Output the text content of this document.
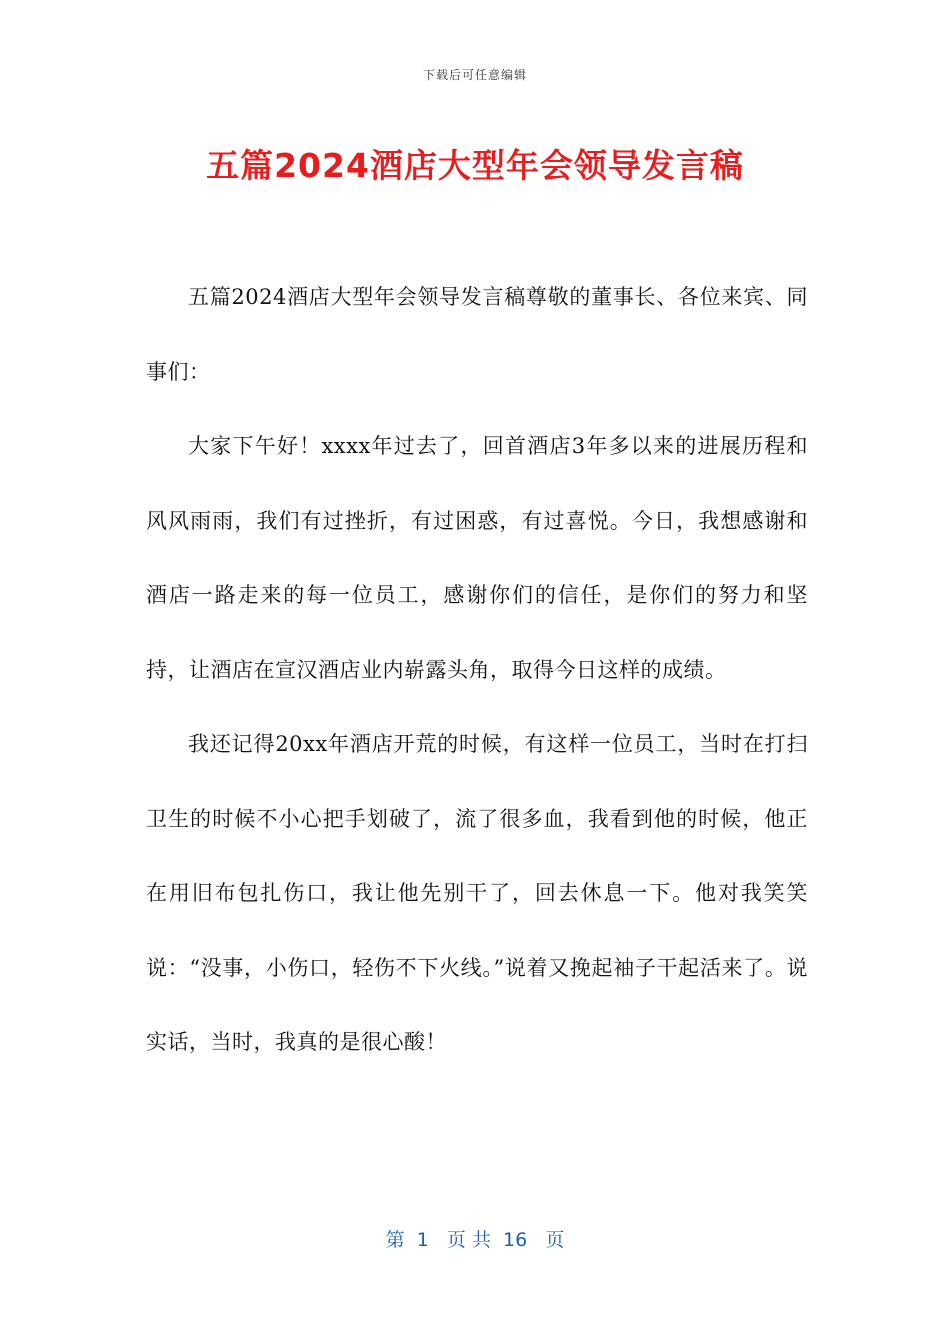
下载后可任意编辑
五篇2024酒店大型年会领导发言稿

五篇2024酒店大型年会领导发言稿尊敬的董事长、各位来宾、同事们：

大家下午好！xxxx年过去了，回首酒店3年多以来的进展历程和风风雨雨，我们有过挫折，有过困惑，有过喜悦。今日，我想感谢和酒店一路走来的每一位员工，感谢你们的信任，是你们的努力和坚持，让酒店在宣汉酒店业内崭露头角，取得今日这样的成绩。

我还记得20xx年酒店开荒的时候，有这样一位员工，当时在打扫卫生的时候不小心把手划破了，流了很多血，我看到他的时候，他正在用旧布包扎伤口，我让他先别干了，回去休息一下。他对我笑笑说：“没事，小伤口，轻伤不下火线。”说着又挽起袖子干起活来了。说实话，当时，我真的是很心酸！

第  1   页 共  16   页
